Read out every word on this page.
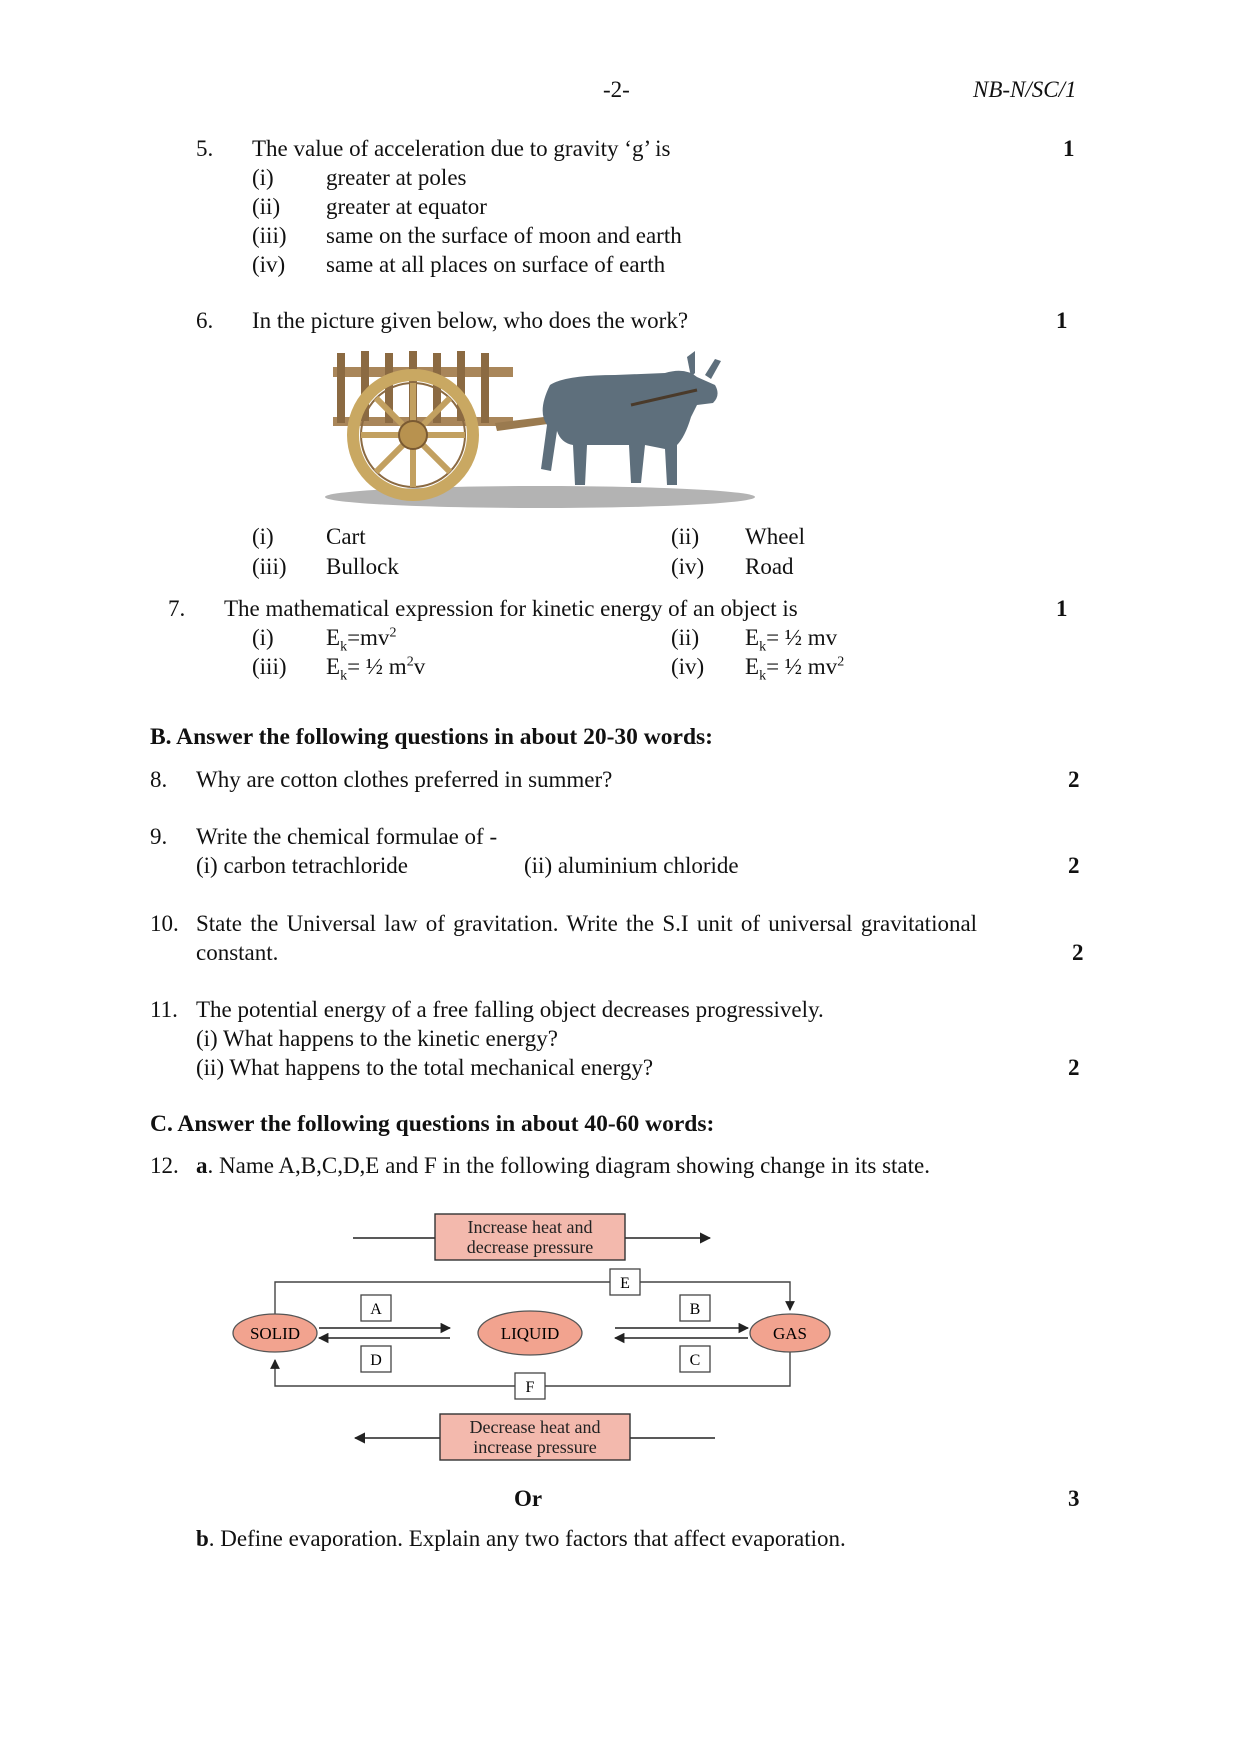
-2-	NB-N/SC/1
5. The value of acceleration due to gravity ‘g’ is	1
(i) greater at poles
(ii) greater at equator
(iii) same on the surface of moon and earth
(iv) same at all places on surface of earth
6. In the picture given below, who does the work?	1
(i) Cart	(ii) Wheel
(iii) Bullock	(iv) Road
7. The mathematical expression for kinetic energy of an object is	1
(i) $E_k=mv^2$	(ii) $E_k=$ ½ mv
(iii) $E_k=$ ½ $m^2v$	(iv) $E_k=$ ½ $mv^2$
B. Answer the following questions in about 20-30 words:
8. Why are cotton clothes preferred in summer?	2
9. Write the chemical formulae of -
(i) carbon tetrachloride	(ii) aluminium chloride	2
10. State the Universal law of gravitation. Write the S.I unit of universal gravitational
constant.	2
11. The potential energy of a free falling object decreases progressively.
(i) What happens to the kinetic energy?
(ii) What happens to the total mechanical energy?	2
C. Answer the following questions in about 40-60 words:
12. a. Name A,B,C,D,E and F in the following diagram showing change in its state.
Increase heat and
decrease pressure
E
F
SOLID	LIQUID	GAS
A
D
B
C
Decrease heat and
increase pressure
Or	3
b. Define evaporation. Explain any two factors that affect evaporation.
